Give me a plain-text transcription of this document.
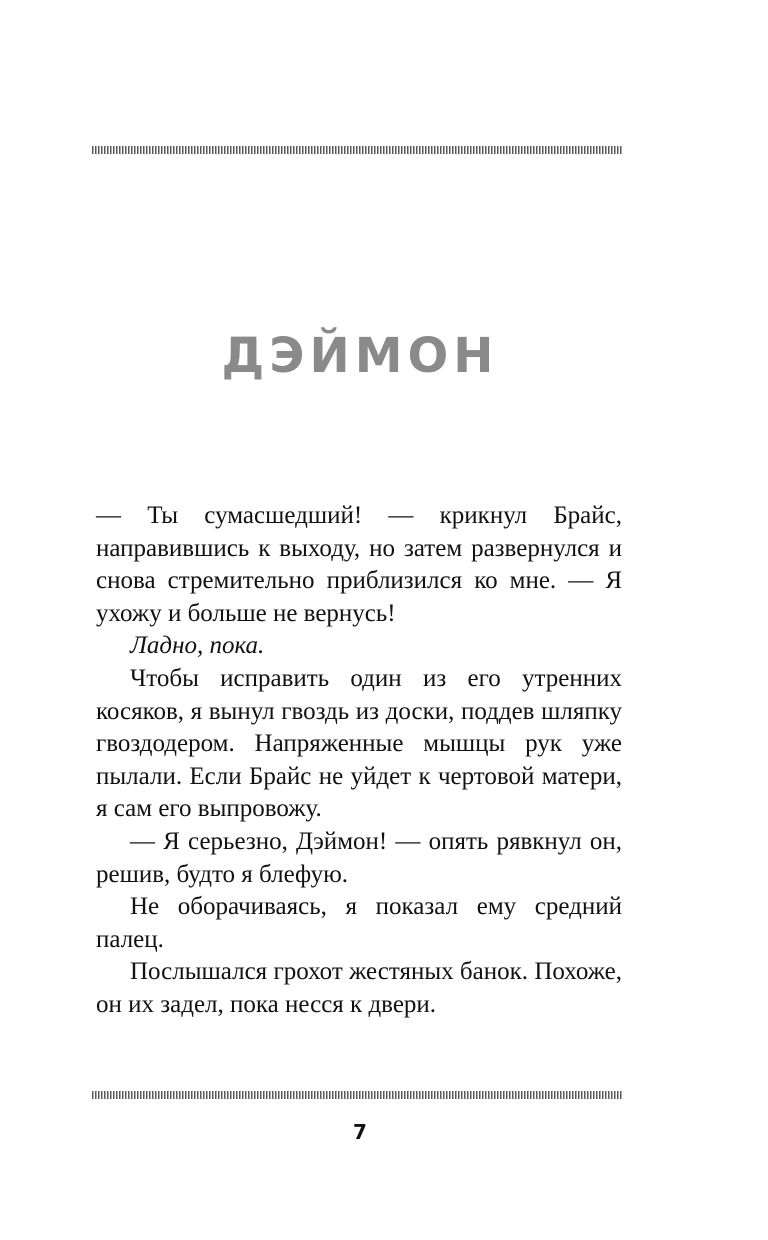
ДЭЙМОН

— Ты сумасшедший! — крикнул Брайс, направившись к выходу, но затем развернулся и снова стремительно приблизился ко мне. — Я ухожу и больше не вернусь!

Ладно, пока.

Чтобы исправить один из его утренних косяков, я вынул гвоздь из доски, поддев шляпку гвоздодером. Напряженные мышцы рук уже пылали. Если Брайс не уйдет к чертовой матери, я сам его выпровожу.

— Я серьезно, Дэймон! — опять рявкнул он, решив, будто я блефую.

Не оборачиваясь, я показал ему средний палец.

Послышался грохот жестяных банок. Похоже, он их задел, пока несся к двери.

7
